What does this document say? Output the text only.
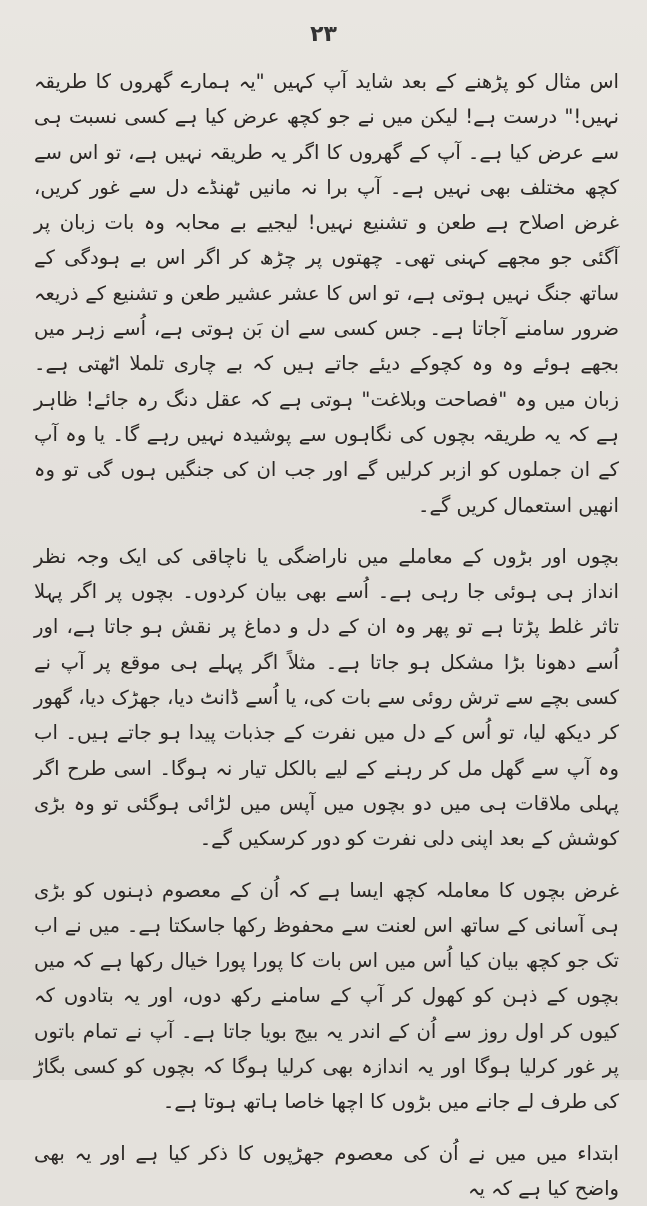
۲۳

اس مثال کو پڑھنے کے بعد شاید آپ کہیں "یہ ہمارے گھروں کا طریقہ نہیں!" درست ہے! لیکن میں نے جو کچھ عرض کیا ہے کسی نسبت ہی سے عرض کیا ہے۔ آپ کے گھروں کا اگر یہ طریقہ نہیں ہے، تو اس سے کچھ مختلف بھی نہیں ہے۔ آپ برا نہ مانیں ٹھنڈے دل سے غور کریں، غرض اصلاح ہے طعن و تشنیع نہیں! لیجیے بے محابہ وہ بات زبان پر آگئی جو مجھے کہنی تھی۔ چھتوں پر چڑھ کر اگر اس بے ہودگی کے ساتھ جنگ نہیں ہوتی ہے، تو اس کا عشر عشیر طعن و تشنیع کے ذریعہ ضرور سامنے آجاتا ہے۔ جس کسی سے ان بَن ہوتی ہے، اُسے زہر میں بجھے ہوئے وہ وہ کچوکے دیئے جاتے ہیں کہ بے چاری تلملا اٹھتی ہے۔ زبان میں وہ "فصاحت وبلاغت" ہوتی ہے کہ عقل دنگ رہ جائے! ظاہر ہے کہ یہ طریقہ بچوں کی نگاہوں سے پوشیدہ نہیں رہے گا۔ یا وہ آپ کے ان جملوں کو ازبر کرلیں گے اور جب ان کی جنگیں ہوں گی تو وہ انھیں استعمال کریں گے۔

بچوں اور بڑوں کے معاملے میں ناراضگی یا ناچاقی کی ایک وجہ نظر انداز ہی ہوئی جا رہی ہے۔ اُسے بھی بیان کردوں۔ بچوں پر اگر پہلا تاثر غلط پڑتا ہے تو پھر وہ ان کے دل و دماغ پر نقش ہو جاتا ہے، اور اُسے دھونا بڑا مشکل ہو جاتا ہے۔ مثلاً اگر پہلے ہی موقع پر آپ نے کسی بچے سے ترش روئی سے بات کی، یا اُسے ڈانٹ دیا، جھڑک دیا، گھور کر دیکھ لیا، تو اُس کے دل میں نفرت کے جذبات پیدا ہو جاتے ہیں۔ اب وہ آپ سے گھل مل کر رہنے کے لیے بالکل تیار نہ ہوگا۔ اسی طرح اگر پہلی ملاقات ہی میں دو بچوں میں آپس میں لڑائی ہوگئی تو وہ بڑی کوشش کے بعد اپنی دلی نفرت کو دور کرسکیں گے۔

غرض بچوں کا معاملہ کچھ ایسا ہے کہ اُن کے معصوم ذہنوں کو بڑی ہی آسانی کے ساتھ اس لعنت سے محفوظ رکھا جاسکتا ہے۔ میں نے اب تک جو کچھ بیان کیا اُس میں اس بات کا پورا پورا خیال رکھا ہے کہ میں بچوں کے ذہن کو کھول کر آپ کے سامنے رکھ دوں، اور یہ بتادوں کہ کیوں کر اول روز سے اُن کے اندر یہ بیج بویا جاتا ہے۔ آپ نے تمام باتوں پر غور کرلیا ہوگا اور یہ اندازہ بھی کرلیا ہوگا کہ بچوں کو کسی بگاڑ کی طرف لے جانے میں بڑوں کا اچھا خاصا ہاتھ ہوتا ہے۔

ابتداء میں میں نے اُن کی معصوم جھڑپوں کا ذکر کیا ہے اور یہ بھی واضح کیا ہے کہ یہ
